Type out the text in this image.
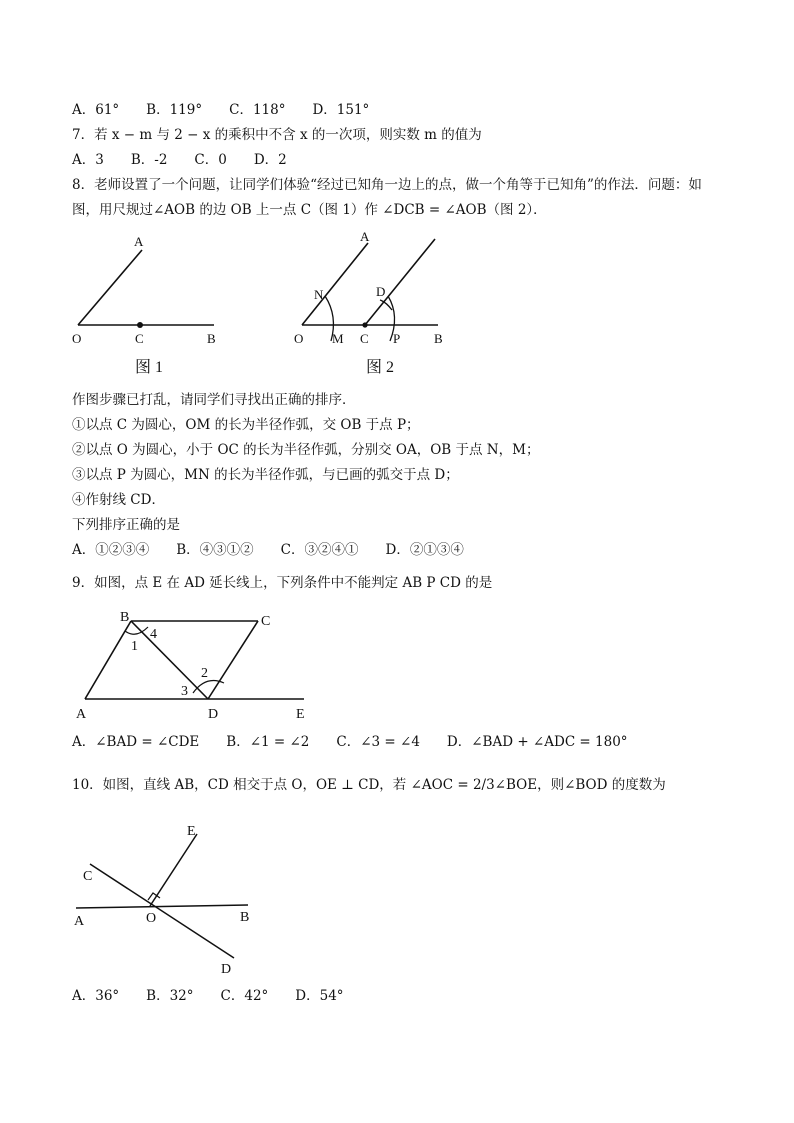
A．61°　　B．119°　　C．118°　　D．151°
7．若 x − m 与 2 − x 的乘积中不含 x 的一次项，则实数 m 的值为
A．3　　B．-2　　C．0　　D．2
8．老师设置了一个问题，让同学们体验“经过已知角一边上的点，做一个角等于已知角”的作法．问题：如
图，用尺规过∠AOB 的边 OB 上一点 C（图 1）作 ∠DCB = ∠AOB（图 2）．
A
O	C	B
图 1
A
N	D
O M C P	B
图 2
作图步骤已打乱，请同学们寻找出正确的排序．
①以点 C 为圆心，OM 的长为半径作弧，交 OB 于点 P；
②以点 O 为圆心，小于 OC 的长为半径作弧，分别交 OA，OB 于点 N，M；
③以点 P 为圆心，MN 的长为半径作弧，与已画的弧交于点 D；
④作射线 CD．
下列排序正确的是
A．①②③④　　B．④③①②　　C．③②④①　　D．②①③④
9．如图，点 E 在 AD 延长线上，下列条件中不能判定 AB P CD 的是
B	C
A	D	E
1
4
2
3
A．∠BAD = ∠CDE　　B．∠1 = ∠2　　C．∠3 = ∠4　　D．∠BAD + ∠ADC = 180°
10．如图，直线 AB，CD 相交于点 O，OE ⊥ CD，若 ∠AOC = 2/3∠BOE，则∠BOD 的度数为
E
C
A	O	B
D
A．36°　　B．32°　　C．42°　　D．54°
